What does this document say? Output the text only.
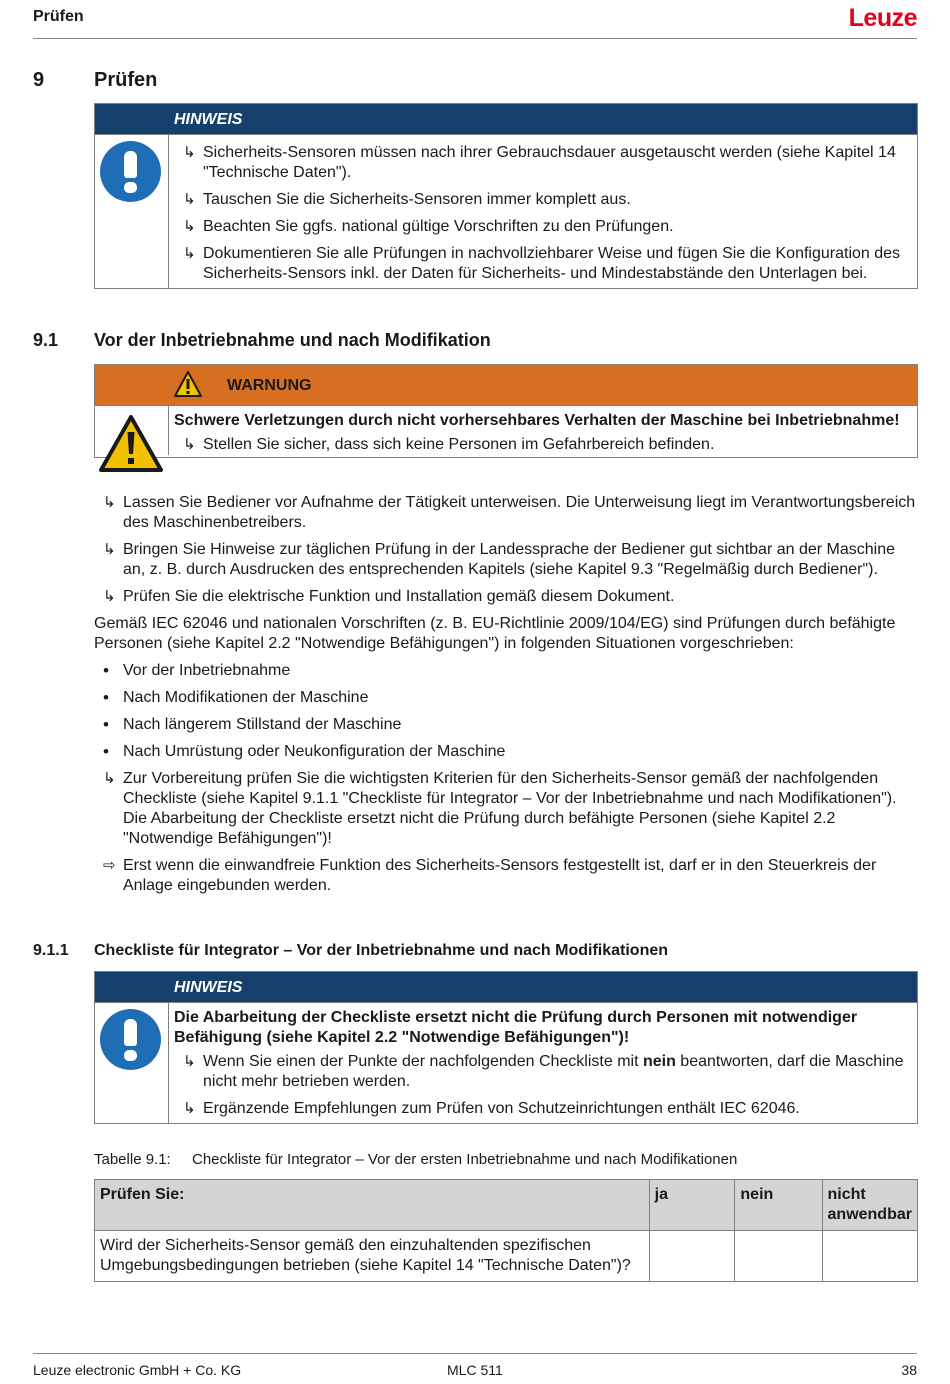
Prüfen	Leuze
9 Prüfen
HINWEIS
↳ Sicherheits-Sensoren müssen nach ihrer Gebrauchsdauer ausgetauscht werden (siehe Kapitel 14 "Technische Daten").
↳ Tauschen Sie die Sicherheits-Sensoren immer komplett aus.
↳ Beachten Sie ggfs. national gültige Vorschriften zu den Prüfungen.
↳ Dokumentieren Sie alle Prüfungen in nachvollziehbarer Weise und fügen Sie die Konfiguration des Sicherheits-Sensors inkl. der Daten für Sicherheits- und Mindestabstände den Unterlagen bei.
9.1 Vor der Inbetriebnahme und nach Modifikation
WARNUNG
Schwere Verletzungen durch nicht vorhersehbares Verhalten der Maschine bei Inbetriebnahme!
↳ Stellen Sie sicher, dass sich keine Personen im Gefahrbereich befinden.
↳ Lassen Sie Bediener vor Aufnahme der Tätigkeit unterweisen. Die Unterweisung liegt im Verantwortungsbereich des Maschinenbetreibers.
↳ Bringen Sie Hinweise zur täglichen Prüfung in der Landessprache der Bediener gut sichtbar an der Maschine an, z. B. durch Ausdrucken des entsprechenden Kapitels (siehe Kapitel 9.3 "Regelmäßig durch Bediener").
↳ Prüfen Sie die elektrische Funktion und Installation gemäß diesem Dokument.
Gemäß IEC 62046 und nationalen Vorschriften (z. B. EU-Richtlinie 2009/104/EG) sind Prüfungen durch befähigte Personen (siehe Kapitel 2.2 "Notwendige Befähigungen") in folgenden Situationen vorgeschrieben:
• Vor der Inbetriebnahme
• Nach Modifikationen der Maschine
• Nach längerem Stillstand der Maschine
• Nach Umrüstung oder Neukonfiguration der Maschine
↳ Zur Vorbereitung prüfen Sie die wichtigsten Kriterien für den Sicherheits-Sensor gemäß der nachfolgenden Checkliste (siehe Kapitel 9.1.1 "Checkliste für Integrator – Vor der Inbetriebnahme und nach Modifikationen"). Die Abarbeitung der Checkliste ersetzt nicht die Prüfung durch befähigte Personen (siehe Kapitel 2.2 "Notwendige Befähigungen")!
⇨ Erst wenn die einwandfreie Funktion des Sicherheits-Sensors festgestellt ist, darf er in den Steuerkreis der Anlage eingebunden werden.
9.1.1 Checkliste für Integrator – Vor der Inbetriebnahme und nach Modifikationen
HINWEIS
Die Abarbeitung der Checkliste ersetzt nicht die Prüfung durch Personen mit notwendiger Befähigung (siehe Kapitel 2.2 "Notwendige Befähigungen")!
↳ Wenn Sie einen der Punkte der nachfolgenden Checkliste mit nein beantworten, darf die Maschine nicht mehr betrieben werden.
↳ Ergänzende Empfehlungen zum Prüfen von Schutzeinrichtungen enthält IEC 62046.
Tabelle 9.1: Checkliste für Integrator – Vor der ersten Inbetriebnahme und nach Modifikationen
Prüfen Sie:	ja	nein	nicht anwendbar
Wird der Sicherheits-Sensor gemäß den einzuhaltenden spezifischen Umgebungsbedingungen betrieben (siehe Kapitel 14 "Technische Daten")?			
Leuze electronic GmbH + Co. KG	MLC 511	38
